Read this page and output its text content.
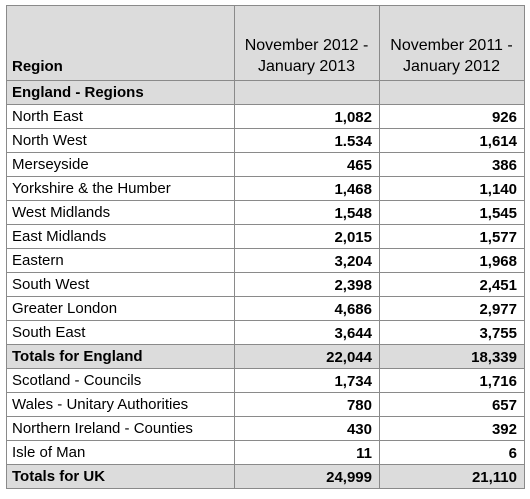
Region	November 2012 - January 2013	November 2011 - January 2012
England - Regions		
North East	1,082	926
North West	1.534	1,614
Merseyside	465	386
Yorkshire & the Humber	1,468	1,140
West Midlands	1,548	1,545
East Midlands	2,015	1,577
Eastern	3,204	1,968
South West	2,398	2,451
Greater London	4,686	2,977
South East	3,644	3,755
Totals for England	22,044	18,339
Scotland - Councils	1,734	1,716
Wales - Unitary Authorities	780	657
Northern Ireland - Counties	430	392
Isle of Man	11	6
Totals for UK	24,999	21,110
